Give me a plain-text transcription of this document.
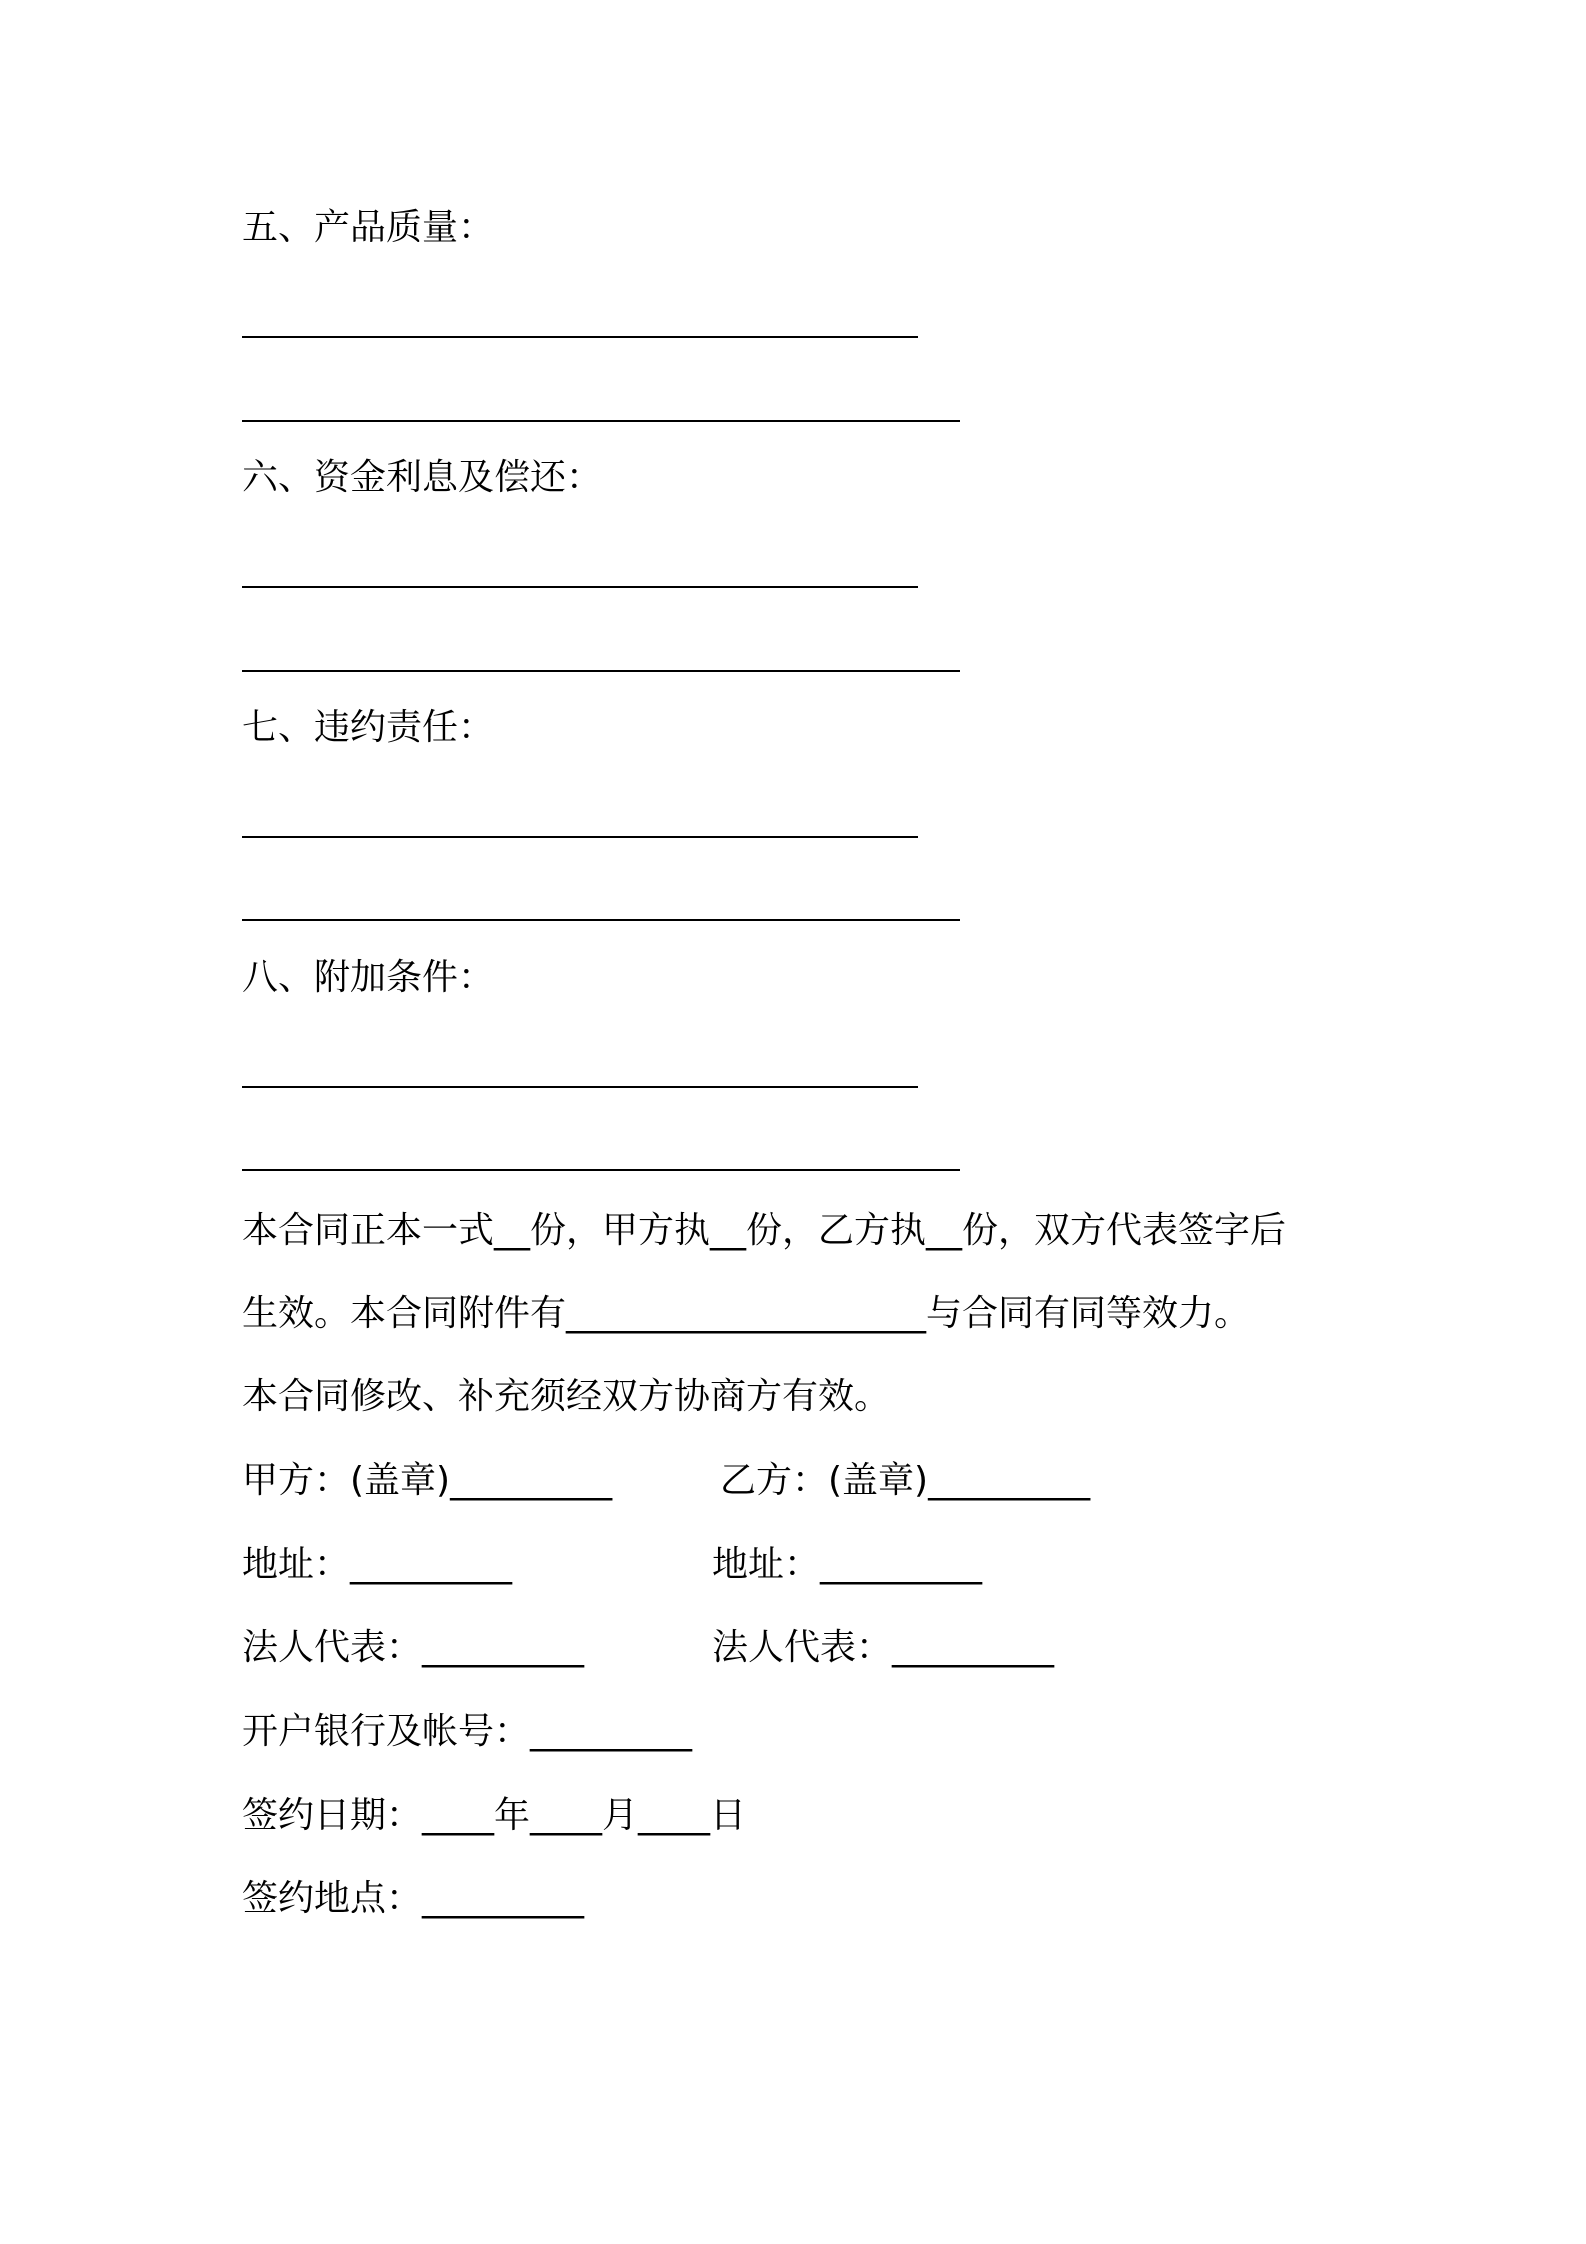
五、产品质量：
六、资金利息及偿还：
七、违约责任：
八、附加条件：
本合同正本一式__份，甲方执__份，乙方执__份，双方代表签字后
生效。本合同附件有____________________与合同有同等效力。
本合同修改、补充须经双方协商方有效。
甲方：(盖章)_________	乙方：(盖章)_________
地址：_________	地址：_________
法人代表：_________	法人代表：_________
开户银行及帐号：_________
签约日期：____年____月____日
签约地点：_________
